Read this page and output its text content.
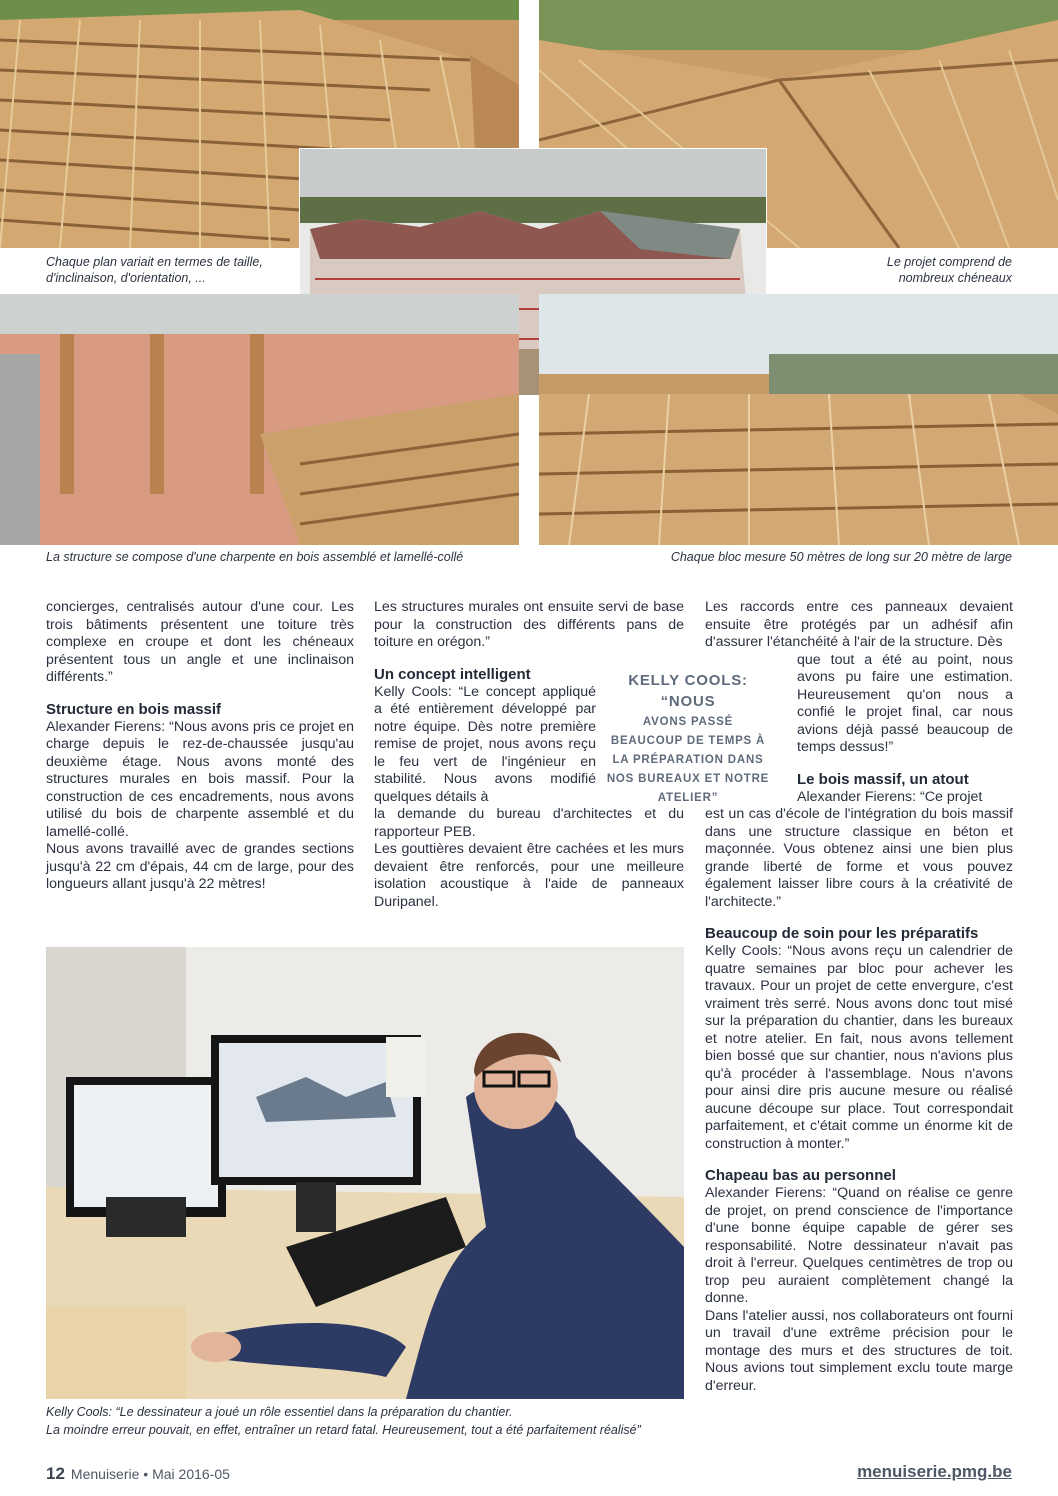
Chaque plan variait en termes de taille, d'inclinaison, d'orientation, ...
Le projet comprend de nombreux chéneaux
La structure se compose d'une charpente en bois assemblé et lamellé-collé	Chaque bloc mesure 50 mètres de long sur 20 mètre de large

concierges, centralisés autour d'une cour. Les trois bâtiments présentent une toiture très complexe en croupe et dont les chéneaux présentent tous un angle et une inclinaison différents.”

Structure en bois massif

Alexander Fierens: “Nous avons pris ce projet en charge depuis le rez-de-chaussée jusqu'au deuxième étage. Nous avons monté des structures murales en bois massif. Pour la construction de ces encadrements, nous avons utilisé du bois de charpente assemblé et du lamellé-collé.

Nous avons travaillé avec de grandes sections jusqu'à 22 cm d'épais, 44 cm de large, pour des longueurs allant jusqu'à 22 mètres!

Les structures murales ont ensuite servi de base pour la construction des différents pans de toiture en orégon.”

Un concept intelligent

Kelly Cools: “Le concept appliqué a été entièrement développé par notre équipe. Dès notre première remise de projet, nous avons reçu le feu vert de l'ingénieur en stabilité. Nous avons modifié quelques détails à

la demande du bureau d'architectes et du rapporteur PEB.

Les gouttières devaient être cachées et les murs devaient être renforcés, pour une meilleure isolation acoustique à l'aide de panneaux Duripanel.

KELLY COOLS: “NOUS
AVONS PASSÉ BEAUCOUP DE TEMPS À LA PRÉPARATION DANS NOS BUREAUX ET NOTRE ATELIER”

Les raccords entre ces panneaux devaient ensuite être protégés par un adhésif afin d'assurer l'étanchéité à l'air de la structure. Dès

que tout a été au point, nous avons pu faire une estimation. Heureusement qu'on nous a confié le projet final, car nous avions déjà passé beaucoup de temps dessus!”

Le bois massif, un atout

Alexander Fierens: “Ce projet

est un cas d'école de l'intégration du bois massif dans une structure classique en béton et maçonnée. Vous obtenez ainsi une bien plus grande liberté de forme et vous pouvez également laisser libre cours à la créativité de l'architecte.”

Beaucoup de soin pour les préparatifs

Kelly Cools: “Nous avons reçu un calendrier de quatre semaines par bloc pour achever les travaux. Pour un projet de cette envergure, c'est vraiment très serré. Nous avons donc tout misé sur la préparation du chantier, dans les bureaux et notre atelier. En fait, nous avons tellement bien bossé que sur chantier, nous n'avions plus qu'à procéder à l'assemblage. Nous n'avons pour ainsi dire pris aucune mesure ou réalisé aucune découpe sur place. Tout correspondait parfaitement, et c'était comme un énorme kit de construction à monter.”

Chapeau bas au personnel

Alexander Fierens: “Quand on réalise ce genre de projet, on prend conscience de l'importance d'une bonne équipe capable de gérer ses responsabilité. Notre dessinateur n'avait pas droit à l'erreur. Quelques centimètres de trop ou trop peu auraient complètement changé la donne.

Dans l'atelier aussi, nos collaborateurs ont fourni un travail d'une extrême précision pour le montage des murs et des structures de toit. Nous avions tout simplement exclu toute marge d'erreur.

Kelly Cools: “Le dessinateur a joué un rôle essentiel dans la préparation du chantier.
La moindre erreur pouvait, en effet, entraîner un retard fatal. Heureusement, tout a été parfaitement réalisé”
12 Menuiserie • Mai 2016-05	menuiserie.pmg.be
